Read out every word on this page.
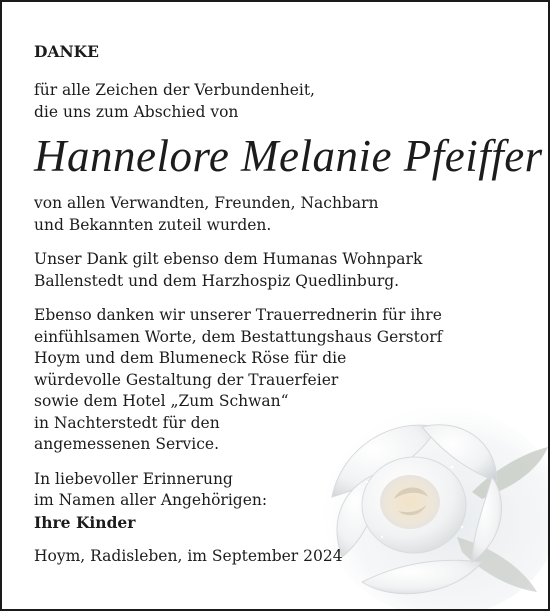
DANKE

für alle Zeichen der Verbundenheit,

die uns zum Abschied von

Hannelore Melanie Pfeiffer

von allen Verwandten, Freunden, Nachbarn

und Bekannten zuteil wurden.

Unser Dank gilt ebenso dem Humanas Wohnpark

Ballenstedt und dem Harzhospiz Quedlinburg.

Ebenso danken wir unserer Trauerrednerin für ihre

einfühlsamen Worte, dem Bestattungshaus Gerstorf

Hoym und dem Blumeneck Röse für die

würdevolle Gestaltung der Trauerfeier

sowie dem Hotel „Zum Schwan“

in Nachterstedt für den

angemessenen Service.

In liebevoller Erinnerung

im Namen aller Angehörigen:

Ihre Kinder

Hoym, Radisleben, im September 2024
